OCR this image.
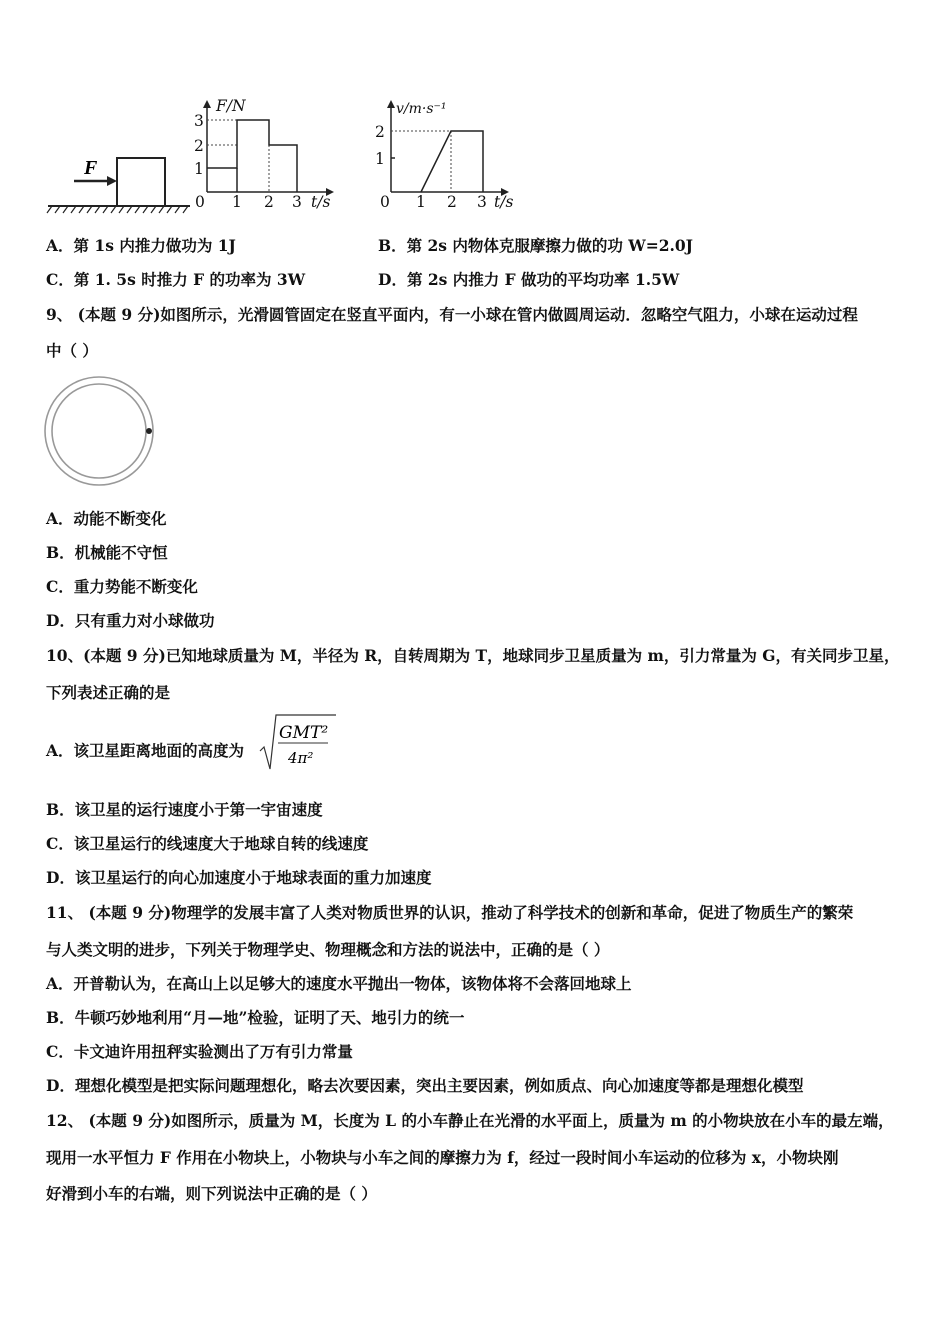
F
F/N
3
2
1
0 1 2 3 t/s
v/m·s⁻¹
2
1
0 1 2 3 t/s
A．第 1s 内推力做功为 1J	B．第 2s 内物体克服摩擦力做的功 W=2.0J
C．第 1. 5s 时推力 F 的功率为 3W	D．第 2s 内推力 F 做功的平均功率 1.5W
9、 (本题 9 分)如图所示，光滑圆管固定在竖直平面内，有一小球在管内做圆周运动．忽略空气阻力，小球在运动过程
中（ ）
A．动能不断变化
B．机械能不守恒
C．重力势能不断变化
D．只有重力对小球做功
10、(本题 9 分)已知地球质量为 M，半径为 R，自转周期为 T，地球同步卫星质量为 m，引力常量为 G，有关同步卫星，
下列表述正确的是
A．该卫星距离地面的高度为
GMT²
4π²
B．该卫星的运行速度小于第一宇宙速度
C．该卫星运行的线速度大于地球自转的线速度
D．该卫星运行的向心加速度小于地球表面的重力加速度
11、 (本题 9 分)物理学的发展丰富了人类对物质世界的认识，推动了科学技术的创新和革命，促进了物质生产的繁荣
与人类文明的进步，下列关于物理学史、物理概念和方法的说法中，正确的是（ ）
A．开普勒认为，在高山上以足够大的速度水平抛出一物体，该物体将不会落回地球上
B．牛顿巧妙地利用“月—地”检验，证明了天、地引力的统一
C．卡文迪许用扭秤实验测出了万有引力常量
D．理想化模型是把实际问题理想化，略去次要因素，突出主要因素，例如质点、向心加速度等都是理想化模型
12、 (本题 9 分)如图所示，质量为 M，长度为 L 的小车静止在光滑的水平面上，质量为 m 的小物块放在小车的最左端，
现用一水平恒力 F 作用在小物块上，小物块与小车之间的摩擦力为 f，经过一段时间小车运动的位移为 x，小物块刚
好滑到小车的右端，则下列说法中正确的是（ ）
